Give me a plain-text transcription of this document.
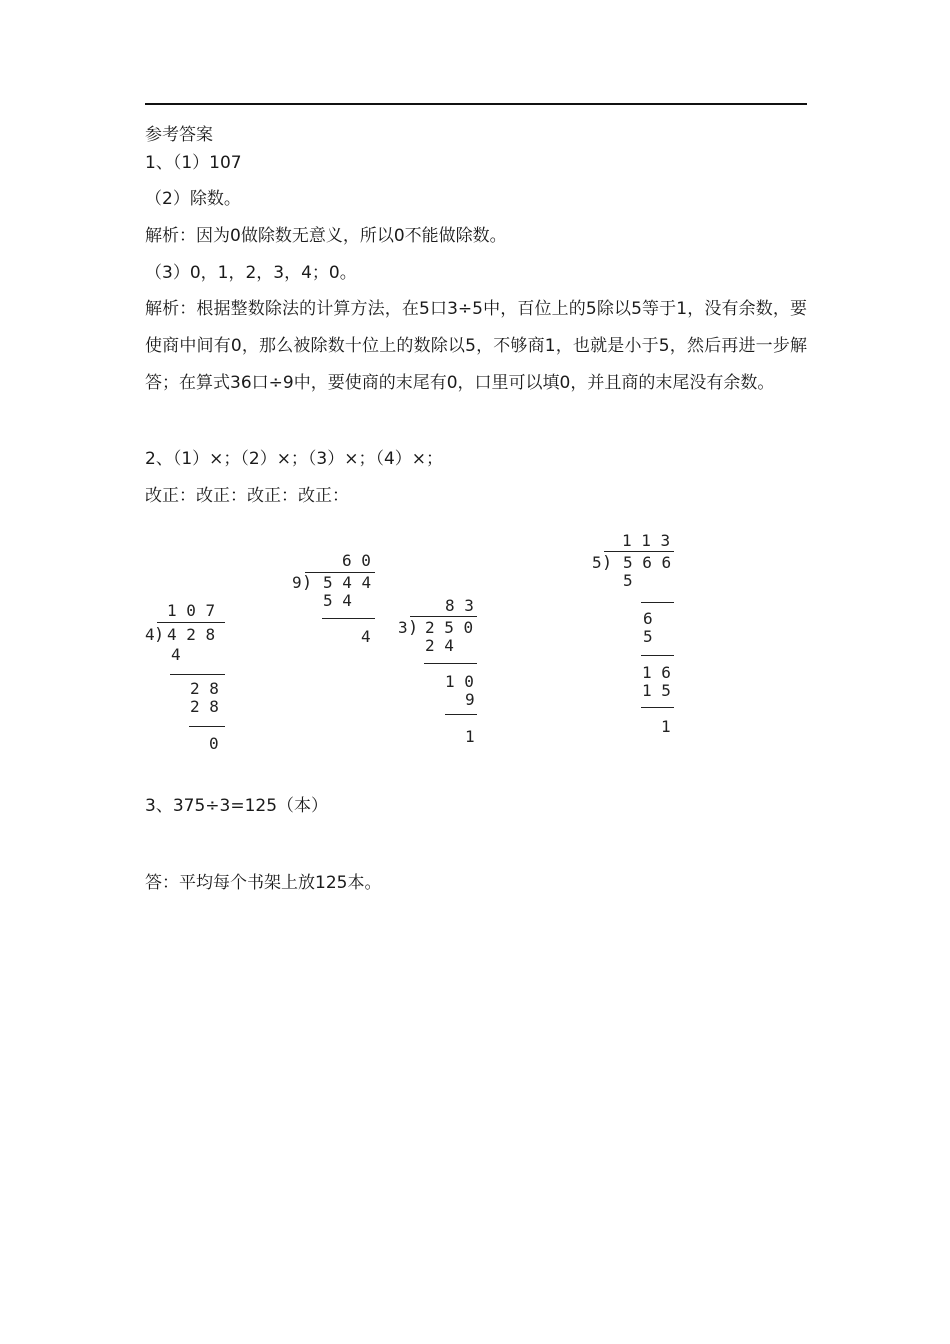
参考答案
1、（1）107
（2）除数。
解析：因为0做除数无意义，所以0不能做除数。
（3）0，1，2，3，4；0。
解析：根据整数除法的计算方法，在5口3÷5中，百位上的5除以5等于1，没有余数，要使商中间有0，那么被除数十位上的数除以5，不够商1，也就是小于5，然后再进一步解答；在算式36口÷9中，要使商的末尾有0，口里可以填0，并且商的末尾没有余数。
2、（1）×；（2）×；（3）×；（4）×；
改正：改正：改正：改正：
1 0 7
4 ) 4 2 8
4
2 8
2 8
0
6 0
9 ) 5 4 4
5 4
4
8 3
3 ) 2 5 0
2 4
1 0
9
1
1 1 3
5 ) 5 6 6
5
6
5
1 6
1 5
1
3、375÷3=125（本）
答：平均每个书架上放125本。
